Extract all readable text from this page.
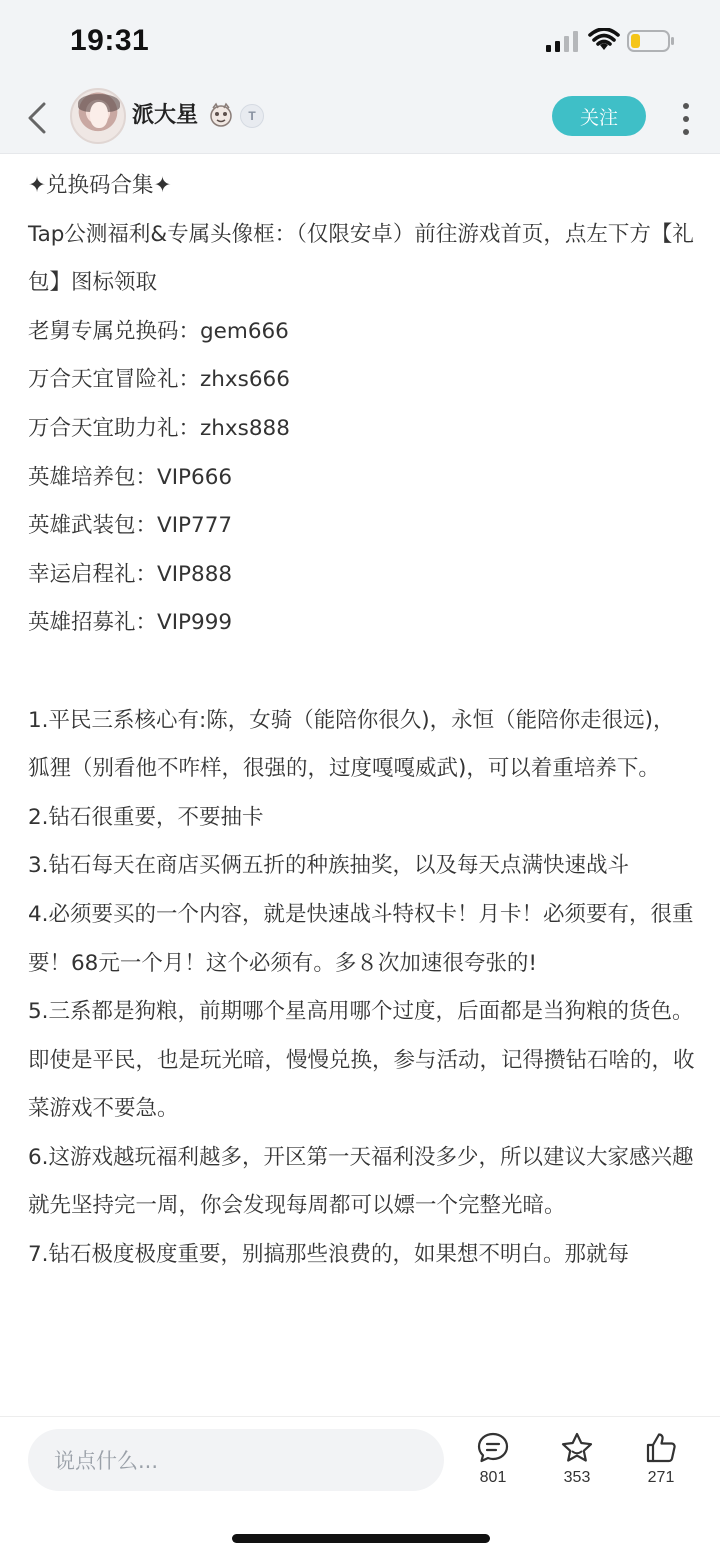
19:31
派大星	T	关注

✦兑换码合集✦

Tap公测福利&专属头像框：（仅限安卓）前往游戏首页，点左下方【礼包】图标领取

老舅专属兑换码：gem666

万合天宜冒险礼：zhxs666

万合天宜助力礼：zhxs888

英雄培养包：VIP666

英雄武装包：VIP777

幸运启程礼：VIP888

英雄招募礼：VIP999

1.平民三系核心有:陈，女骑（能陪你很久)，永恒（能陪你走很远)，狐狸（别看他不咋样，很强的，过度嘎嘎威武)，可以着重培养下。

2.钻石很重要，不要抽卡

3.钻石每天在商店买俩五折的种族抽奖，以及每天点满快速战斗

4.必须要买的一个内容，就是快速战斗特权卡！月卡！必须要有，很重要！68元一个月！这个必须有。多８次加速很夸张的!

5.三系都是狗粮，前期哪个星高用哪个过度，后面都是当狗粮的货色。即使是平民，也是玩光暗，慢慢兑换，参与活动，记得攒钻石啥的，收菜游戏不要急。

6.这游戏越玩福利越多，开区第一天福利没多少，所以建议大家感兴趣就先坚持完一周，你会发现每周都可以嫖一个完整光暗。

7.钻石极度极度重要，别搞那些浪费的，如果想不明白。那就每

说点什么...
801	353	271
